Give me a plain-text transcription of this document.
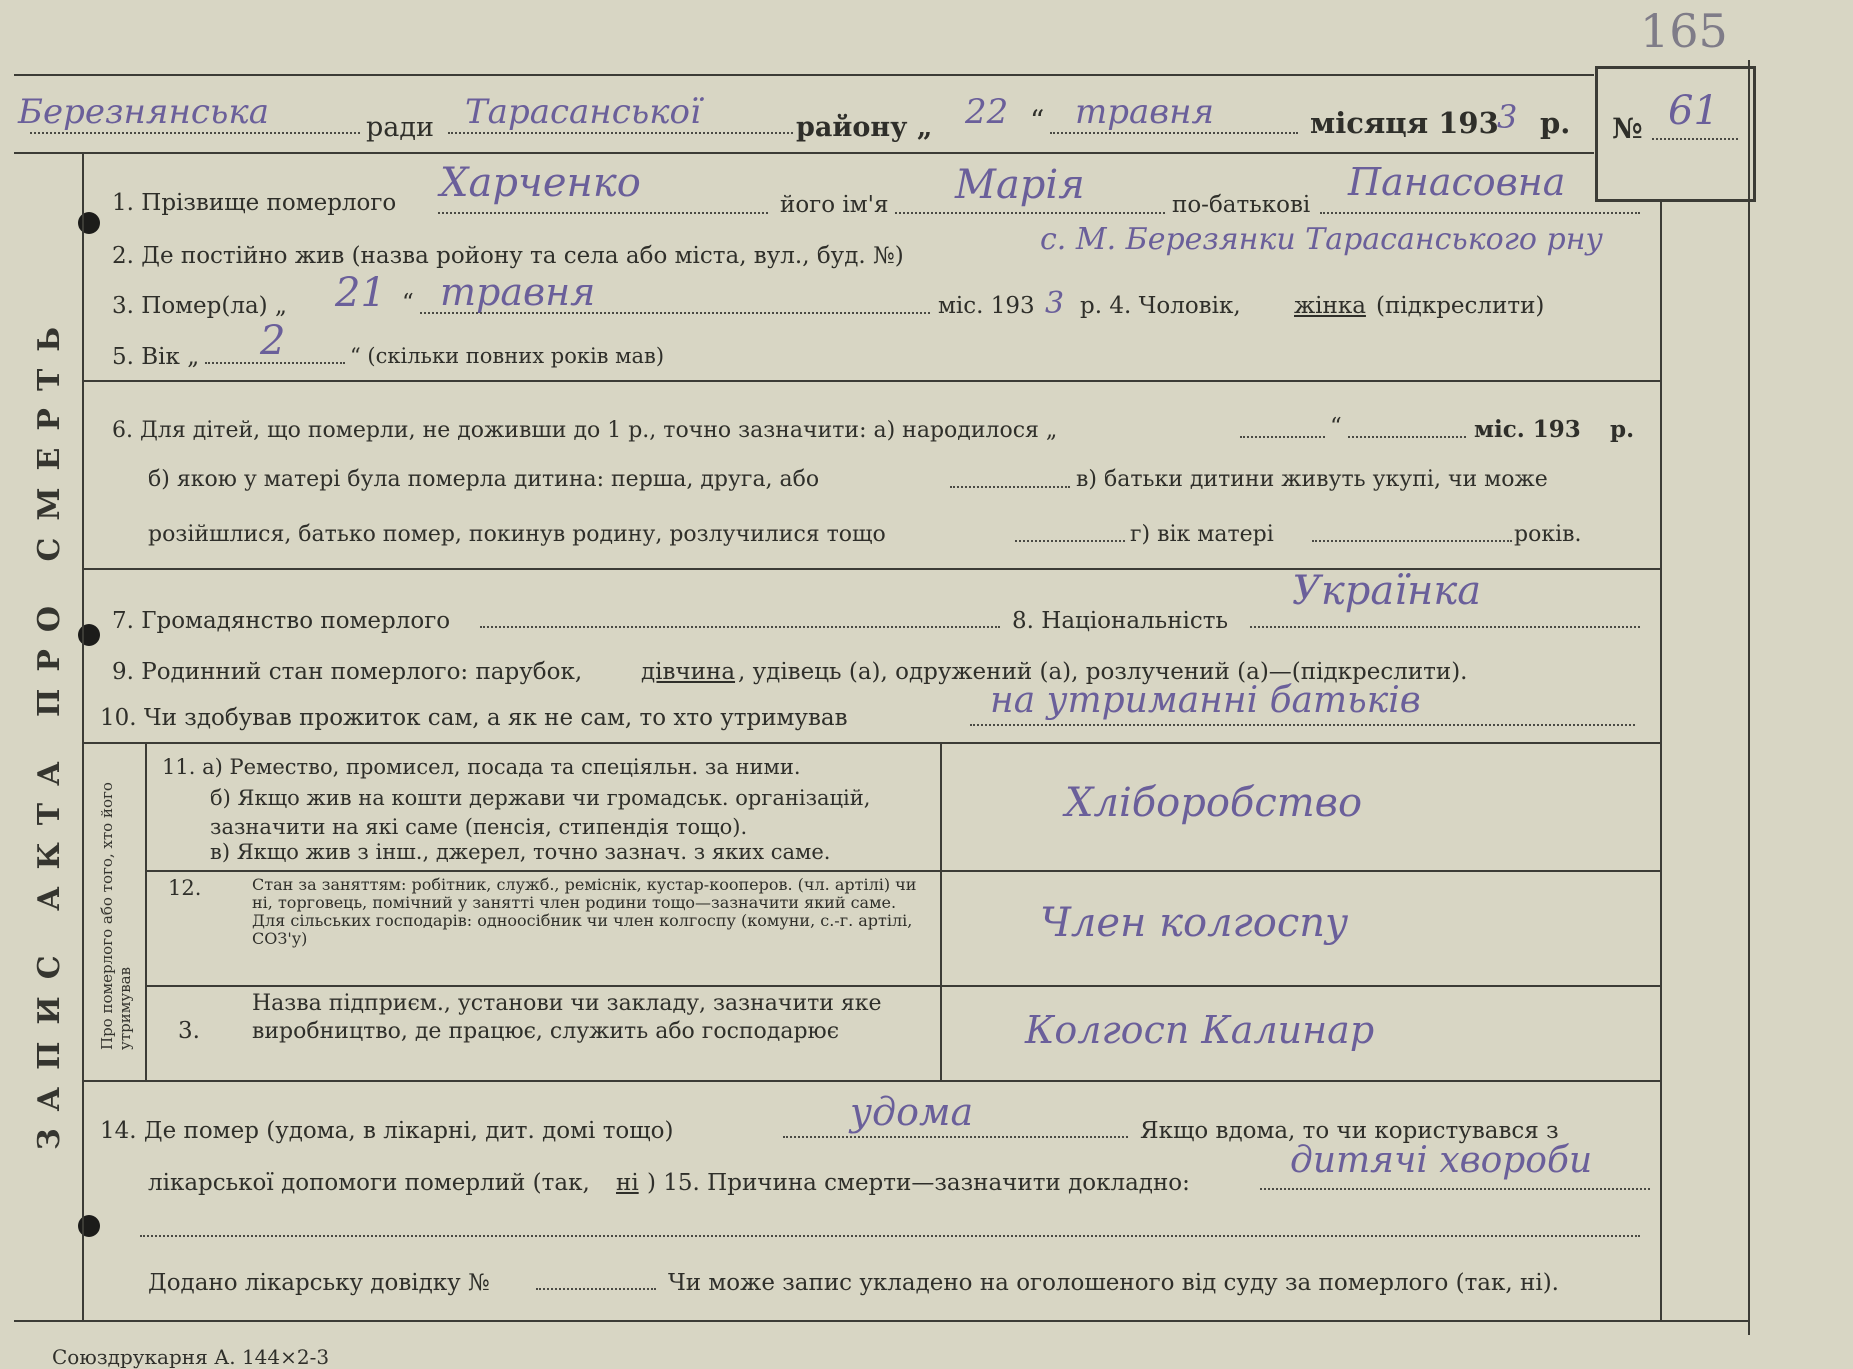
165
№ 61
ЗАПИС АКТА ПРО СМЕРТЬ Про померлого або того, хто його утримував
Березнянська	ради Тарасанської	району „ 22 “ травня	місяця 193
3 р.
1. Прізвище померлого Харченко	його ім'я Марія	по-батькові
Панасовна
2. Де постійно жив (назва ройону та села або міста, вул., буд. №)	с. М. Березянки Тарасанського рну
3. Помер(ла) „ 21 “ травня	міс. 193 3 р. 4. Чоловік, жінка (підкреслити)
5. Вік „ 2	“ (скільки повних років мав)
6. Для дітей, що померли, не доживши до 1 р., точно зазначити: а) народилося „	“	міс. 193 р.
б) якою у матері була померла дитина: перша, друга, або	в) батьки дитини живуть укупі, чи може
розійшлися, батько помер, покинув родину, розлучилися тощо	г) вік матері	років.
7. Громадянство померлого	8. Національність
Українка
9. Родинний стан померлого: парубок,	дівчина , удівець (а), одружений (а), розлучений (а)—(підкреслити).
10. Чи здобував прожиток сам, а як не сам, то хто утримував	на утриманні батьків
11. а) Ремество, промисел, посада та спеціяльн. за ними.
б) Якщо жив на кошти держави чи громадськ. організацій, зазначити на які саме (пенсія, стипендія тощо).
в) Якщо жив з інш., джерел, точно зазнач. з яких саме.
Хліборобство
12.	Стан за заняттям: робітник, служб., реміснік, кустар-кооперов. (чл. артілі) чи ні, торговець, помічний у занятті член родини тощо—зазначити який саме. Для сільських господарів: одноосібник чи член колгоспу (комуни, с.-г. артілі, СОЗ'у)	Член колгоспу
3.
Назва підприєм., установи чи закладу, зазначити яке виробництво, де працює, служить або господарює	Колгосп Калинар
14. Де помер (удома, в лікарні, дит. домі тощо)	удома	Якщо вдома, то чи користувався з
лікарської допомоги померлий (так, ні ) 15. Причина смерти—зазначити докладно:
дитячі хвороби
Додано лікарську довідку №	Чи може запис укладено на оголошеного від суду за померлого (так, ні).
Союздрукарня А. 144×2-3
